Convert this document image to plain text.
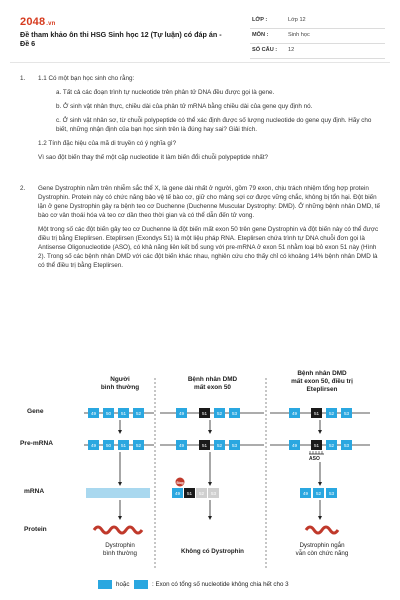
2048.vn
Đề tham khảo ôn thi HSG Sinh học 12 (Tự luận) có đáp án - Đề 6
LỚP :	Lớp 12
MÔN :	Sinh học
SỐ CÂU : 12
1. 1.1 Có một bạn học sinh cho rằng:

a. Tất cả các đoạn trình tự nucleotide trên phân tử DNA đều được gọi là gene.

b. Ở sinh vật nhân thực, chiều dài của phân tử mRNA bằng chiều dài của gene quy định nó.

c. Ở sinh vật nhân sơ, từ chuỗi polypeptide có thể xác định được số lượng nucleotide do gene quy định. Hãy cho biết, những nhận định của bạn học sinh trên là đúng hay sai? Giải thích.

1.2 Tính đặc hiệu của mã di truyền có ý nghĩa gì?

Vì sao đột biến thay thế một cặp nucleotide ít làm biến đổi chuỗi polypeptide nhất?

2. Gene Dystrophin nằm trên nhiễm sắc thể X, là gene dài nhất ở người, gồm 79 exon, chịu trách nhiệm tổng hợp protein Dystrophin. Protein này có chức năng bảo vệ tế bào cơ, giữ cho mảng sợi cơ được vững chắc, không bị tổn hại. Đột biến lặn ở gene Dystrophin gây ra bệnh teo cơ Duchenne (Duchenne Muscular Dystrophy: DMD). Ở những bệnh nhân DMD, tế bào cơ vân thoái hóa và teo cơ dần theo thời gian và có thể dẫn đến tử vong.

Một trong số các đột biến gây teo cơ Duchenne là đột biến mất exon 50 trên gene Dystrophin và đột biến này có thể được điều trị bằng Eteplirsen. Eteplirsen (Exondys 51) là một liệu pháp RNA. Eteplirsen chứa trình tự DNA chuỗi đơn gọi là Antisense Oligonucleotide (ASO), có khả năng liên kết bổ sung với pre-mRNA ở exon 51 nhằm loại bỏ exon 51 này (Hình 2). Trong số các bệnh nhân DMD với các đột biến khác nhau, nghiên cứu cho thấy chỉ có khoảng 14% bệnh nhân DMD là có thể điều trị bằng Eteplirsen.

Stop
49 50 51 52
49 50 51 52
49	51 52 53
49	51 52 53
49 51 52 53
49	51 52 53
49	51 52 53
49 52 53
Người
bình thường
Bệnh nhân DMD
mất exon 50
Bệnh nhân DMD
mất exon 50, điều trị
Eteplirsen
Gene
Pre-mRNA
mRNA
Protein
ASO
Dystrophin
bình thường	Không có Dystrophin
Dystrophin ngắn
vẫn còn chức năng
hoặc	: Exon có tổng số nucleotide không chia hết cho 3
